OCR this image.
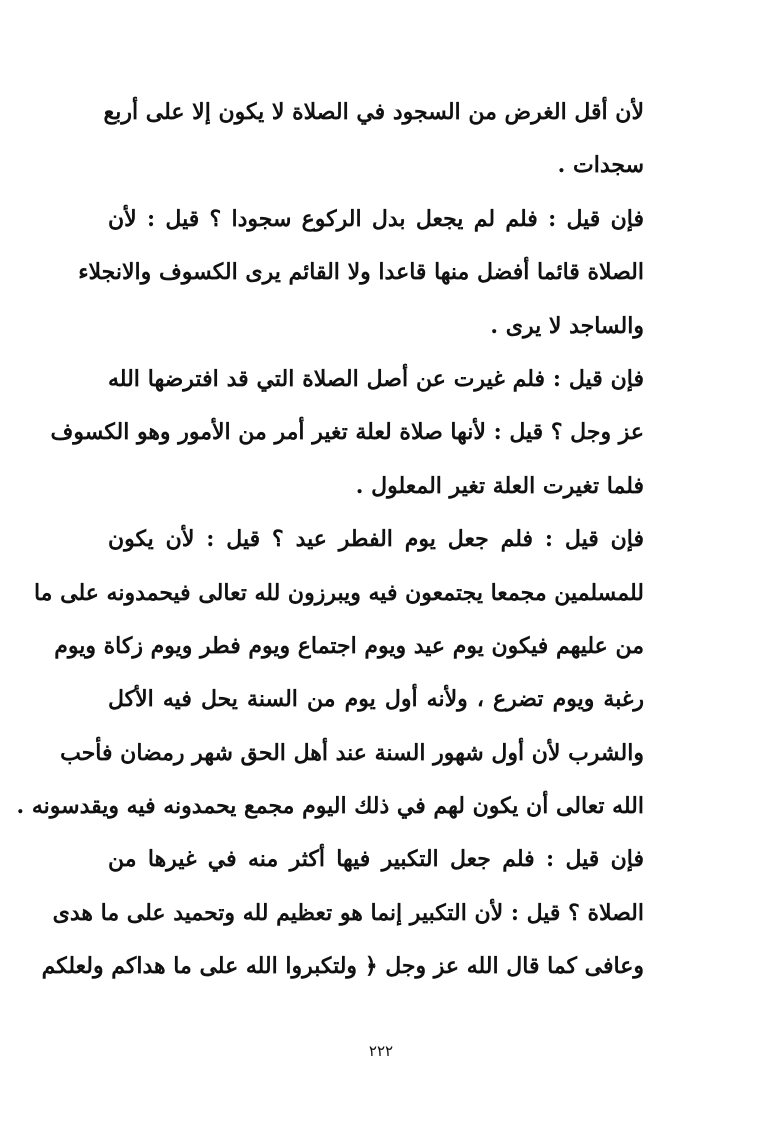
لأن أقل الغرض من السجود في الصلاة لا يكون إلا على أربع
سجدات .
فإن قيل : فلم لم يجعل بدل الركوع سجودا ؟ قيل : لأن
الصلاة قائما أفضل منها قاعدا ولا القائم يرى الكسوف والانجلاء
والساجد لا يرى .
فإن قيل : فلم غيرت عن أصل الصلاة التي قد افترضها الله
عز وجل ؟ قيل : لأنها صلاة لعلة تغير أمر من الأمور وهو الكسوف
فلما تغيرت العلة تغير المعلول .
فإن قيل : فلم جعل يوم الفطر عيد ؟ قيل : لأن يكون
للمسلمين مجمعا يجتمعون فيه ويبرزون لله تعالى فيحمدونه على ما
من عليهم فيكون يوم عيد ويوم اجتماع ويوم فطر ويوم زكاة ويوم
رغبة ويوم تضرع ، ولأنه أول يوم من السنة يحل فيه الأكل
والشرب لأن أول شهور السنة عند أهل الحق شهر رمضان فأحب
الله تعالى أن يكون لهم في ذلك اليوم مجمع يحمدونه فيه ويقدسونه .
فإن قيل : فلم جعل التكبير فيها أكثر منه في غيرها من
الصلاة ؟ قيل : لأن التكبير إنما هو تعظيم لله وتحميد على ما هدى
وعافى كما قال الله عز وجل ﴿ ولتكبروا الله على ما هداكم ولعلكم
٢٢٢
